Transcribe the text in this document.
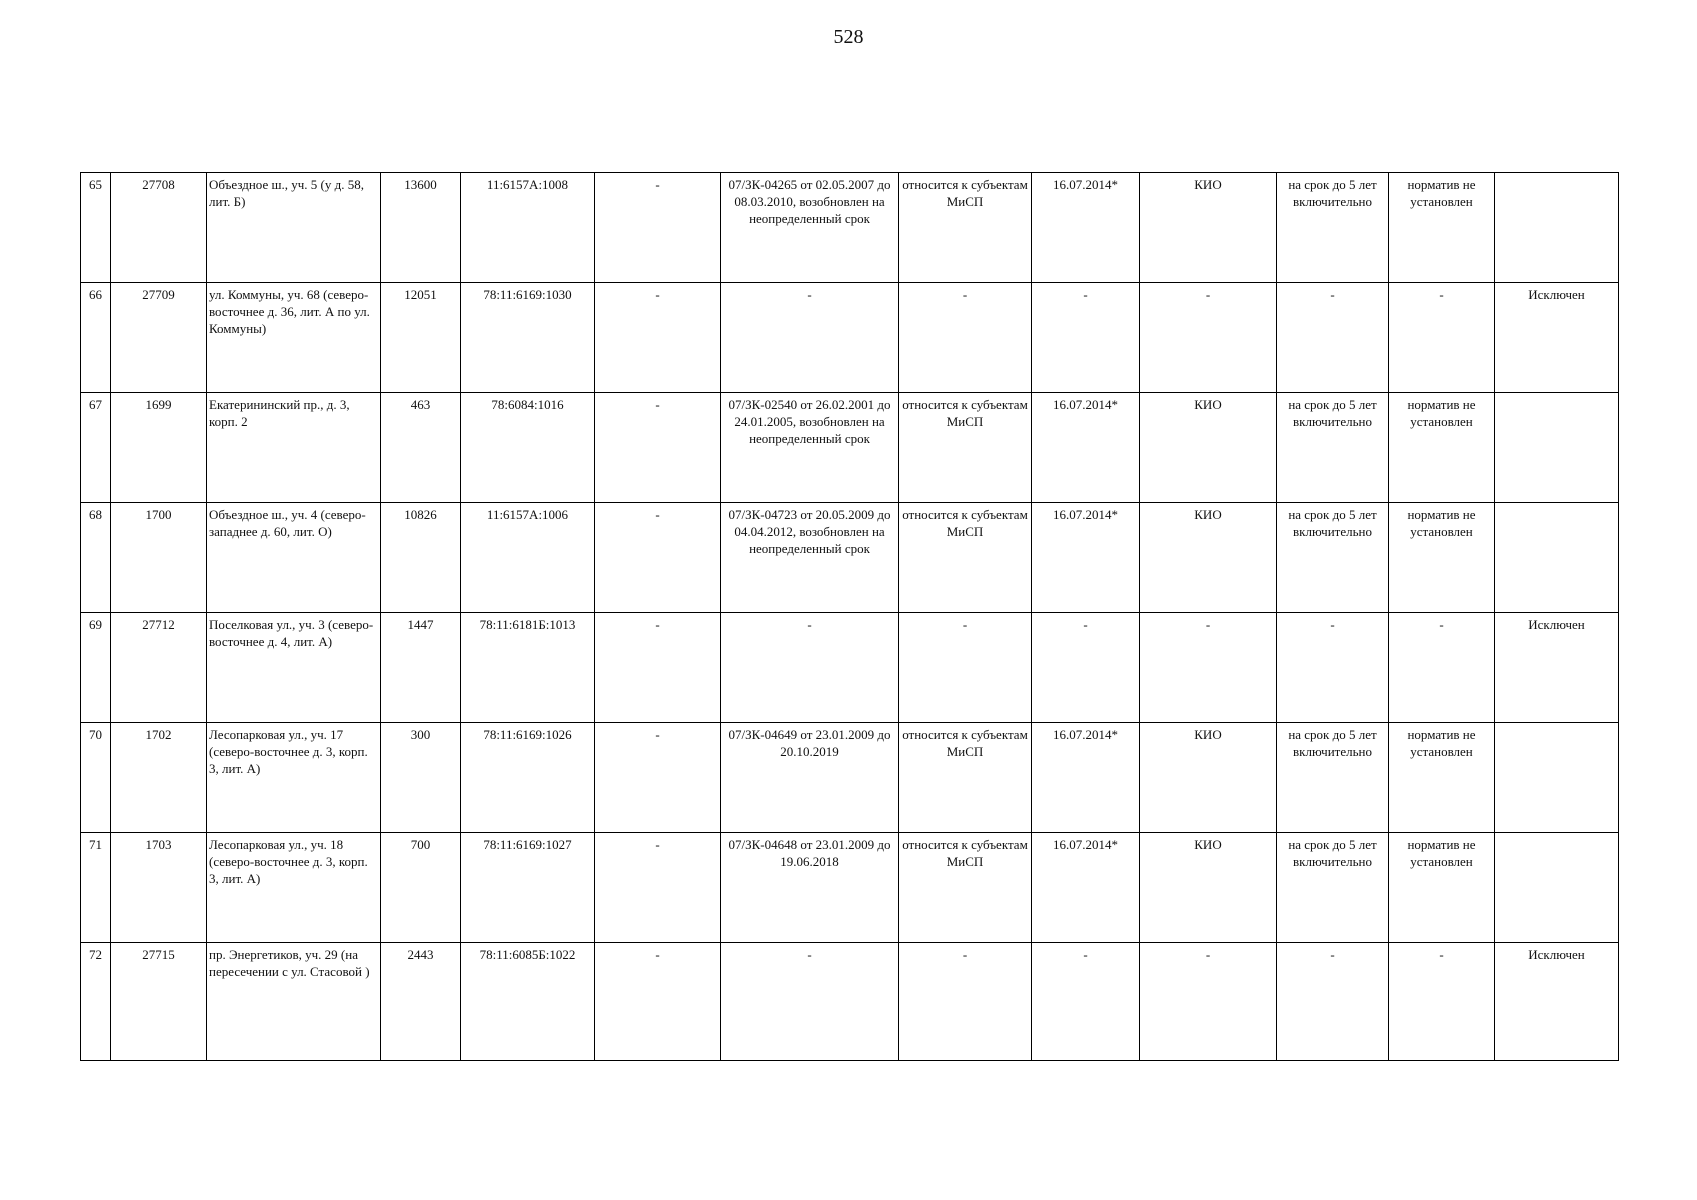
528
65	27708	Объездное ш., уч. 5 (у д. 58, лит. Б)	13600	11:6157А:1008	-	07/ЗК-04265 от 02.05.2007 до 08.03.2010, возобновлен на неопределенный срок	относится к субъектам МиСП	16.07.2014*	КИО	на срок до 5 лет включительно	норматив не установлен	
66	27709	ул. Коммуны, уч. 68 (северо-восточнее д. 36, лит. А по ул. Коммуны)	12051	78:11:6169:1030	-	-	-	-	-	-	-	Исключен
67	1699	Екатерининский пр., д. 3, корп. 2	463	78:6084:1016	-	07/ЗК-02540 от 26.02.2001 до 24.01.2005, возобновлен на неопределенный срок	относится к субъектам МиСП	16.07.2014*	КИО	на срок до 5 лет включительно	норматив не установлен	
68	1700	Объездное ш., уч. 4 (северо-западнее д. 60, лит. О)	10826	11:6157А:1006	-	07/ЗК-04723 от 20.05.2009 до 04.04.2012, возобновлен на неопределенный срок	относится к субъектам МиСП	16.07.2014*	КИО	на срок до 5 лет включительно	норматив не установлен	
69	27712	Поселковая ул., уч. 3 (северо-восточнее д. 4, лит. А)	1447	78:11:6181Б:1013	-	-	-	-	-	-	-	Исключен
70	1702	Лесопарковая ул., уч. 17 (северо-восточнее д. 3, корп. 3, лит. А)	300	78:11:6169:1026	-	07/ЗК-04649 от 23.01.2009 до 20.10.2019	относится к субъектам МиСП	16.07.2014*	КИО	на срок до 5 лет включительно	норматив не установлен	
71	1703	Лесопарковая ул., уч. 18 (северо-восточнее д. 3, корп. 3, лит. А)	700	78:11:6169:1027	-	07/ЗК-04648 от 23.01.2009 до 19.06.2018	относится к субъектам МиСП	16.07.2014*	КИО	на срок до 5 лет включительно	норматив не установлен	
72	27715	пр. Энергетиков, уч. 29 (на пересечении с ул. Стасовой )	2443	78:11:6085Б:1022	-	-	-	-	-	-	-	Исключен
